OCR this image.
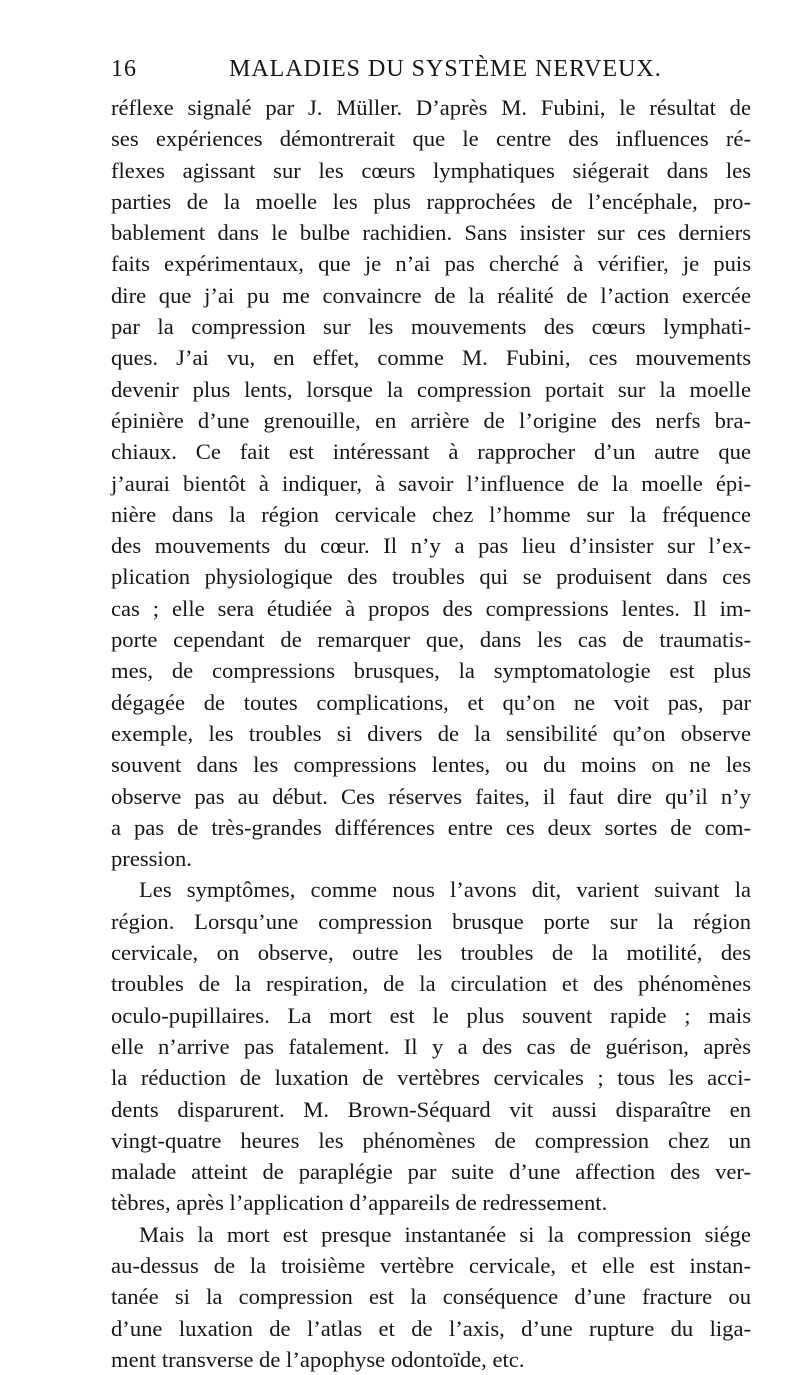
16	MALADIES DU SYSTÈME NERVEUX.
réflexe signalé par J. Müller. D’après M. Fubini, le résultat de
ses expériences démontrerait que le centre des influences ré-
flexes agissant sur les cœurs lymphatiques siégerait dans les
parties de la moelle les plus rapprochées de l’encéphale, pro-
bablement dans le bulbe rachidien. Sans insister sur ces derniers
faits expérimentaux, que je n’ai pas cherché à vérifier, je puis
dire que j’ai pu me convaincre de la réalité de l’action exercée
par la compression sur les mouvements des cœurs lymphati-
ques. J’ai vu, en effet, comme M. Fubini, ces mouvements
devenir plus lents, lorsque la compression portait sur la moelle
épinière d’une grenouille, en arrière de l’origine des nerfs bra-
chiaux. Ce fait est intéressant à rapprocher d’un autre que
j’aurai bientôt à indiquer, à savoir l’influence de la moelle épi-
nière dans la région cervicale chez l’homme sur la fréquence
des mouvements du cœur. Il n’y a pas lieu d’insister sur l’ex-
plication physiologique des troubles qui se produisent dans ces
cas ; elle sera étudiée à propos des compressions lentes. Il im-
porte cependant de remarquer que, dans les cas de traumatis-
mes, de compressions brusques, la symptomatologie est plus
dégagée de toutes complications, et qu’on ne voit pas, par
exemple, les troubles si divers de la sensibilité qu’on observe
souvent dans les compressions lentes, ou du moins on ne les
observe pas au début. Ces réserves faites, il faut dire qu’il n’y
a pas de très-grandes différences entre ces deux sortes de com-
pression.
Les symptômes, comme nous l’avons dit, varient suivant la
région. Lorsqu’une compression brusque porte sur la région
cervicale, on observe, outre les troubles de la motilité, des
troubles de la respiration, de la circulation et des phénomènes
oculo-pupillaires. La mort est le plus souvent rapide ; mais
elle n’arrive pas fatalement. Il y a des cas de guérison, après
la réduction de luxation de vertèbres cervicales ; tous les acci-
dents disparurent. M. Brown-Séquard vit aussi disparaître en
vingt-quatre heures les phénomènes de compression chez un
malade atteint de paraplégie par suite d’une affection des ver-
tèbres, après l’application d’appareils de redressement.
Mais la mort est presque instantanée si la compression siége
au-dessus de la troisième vertèbre cervicale, et elle est instan-
tanée si la compression est la conséquence d’une fracture ou
d’une luxation de l’atlas et de l’axis, d’une rupture du liga-
ment transverse de l’apophyse odontoïde, etc.
